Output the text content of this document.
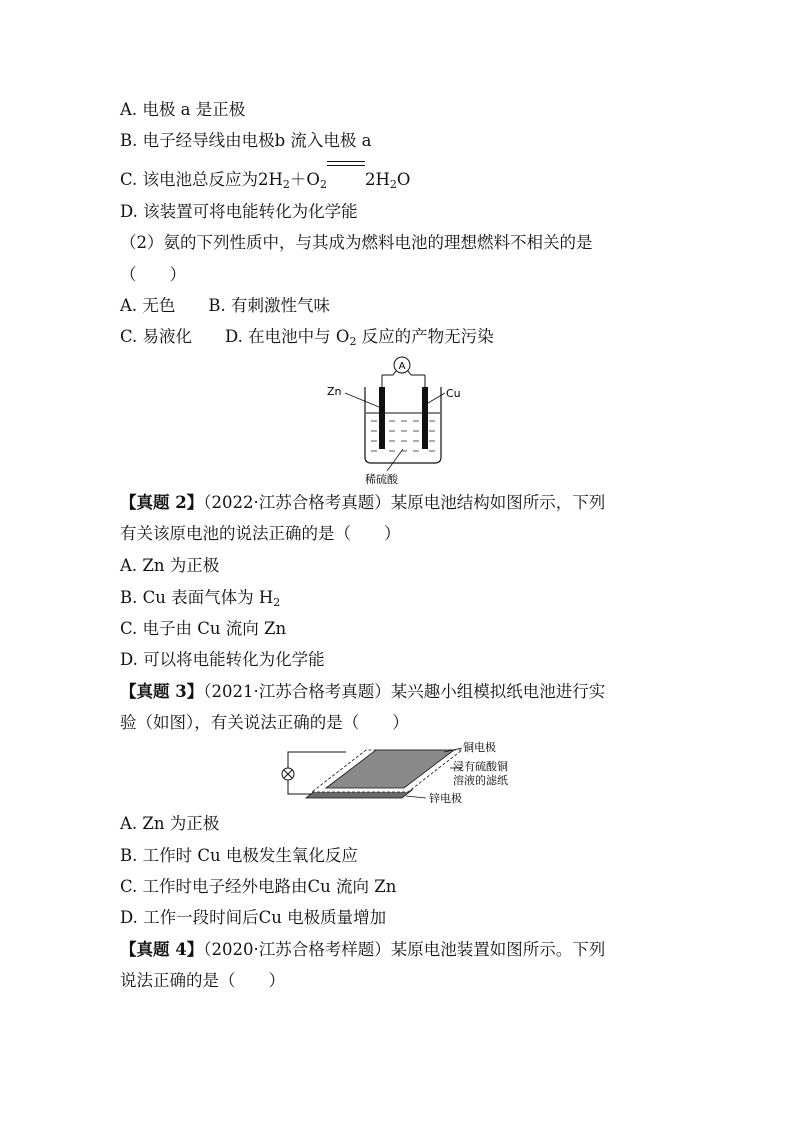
A. 电极 a 是正极
B. 电子经导线由电极b 流入电极 a
C. 该电池总反应为$2H_2+O_2$ $2H_2O$
D. 该装置可将电能转化为化学能
（2）氨的下列性质中，与其成为燃料电池的理想燃料不相关的是
（　　）
A. 无色　　B. 有刺激性气味
C. 易液化　　D. 在电池中与 $O_2$ 反应的产物无污染
A
Zn	Cu
稀硫酸
【真题 2】（2022·江苏合格考真题）某原电池结构如图所示，下列
有关该原电池的说法正确的是（　　）
A. Zn 为正极
B. Cu 表面气体为 $H_2$
C. 电子由 Cu 流向 Zn
D. 可以将电能转化为化学能
【真题 3】（2021·江苏合格考真题）某兴趣小组模拟纸电池进行实
验（如图），有关说法正确的是（　　）
铜电极
浸有硫酸铜
溶液的滤纸
锌电极
A. Zn 为正极
B. 工作时 Cu 电极发生氧化反应
C. 工作时电子经外电路由Cu 流向 Zn
D. 工作一段时间后Cu 电极质量增加
【真题 4】（2020·江苏合格考样题）某原电池装置如图所示。下列
说法正确的是（　　）
